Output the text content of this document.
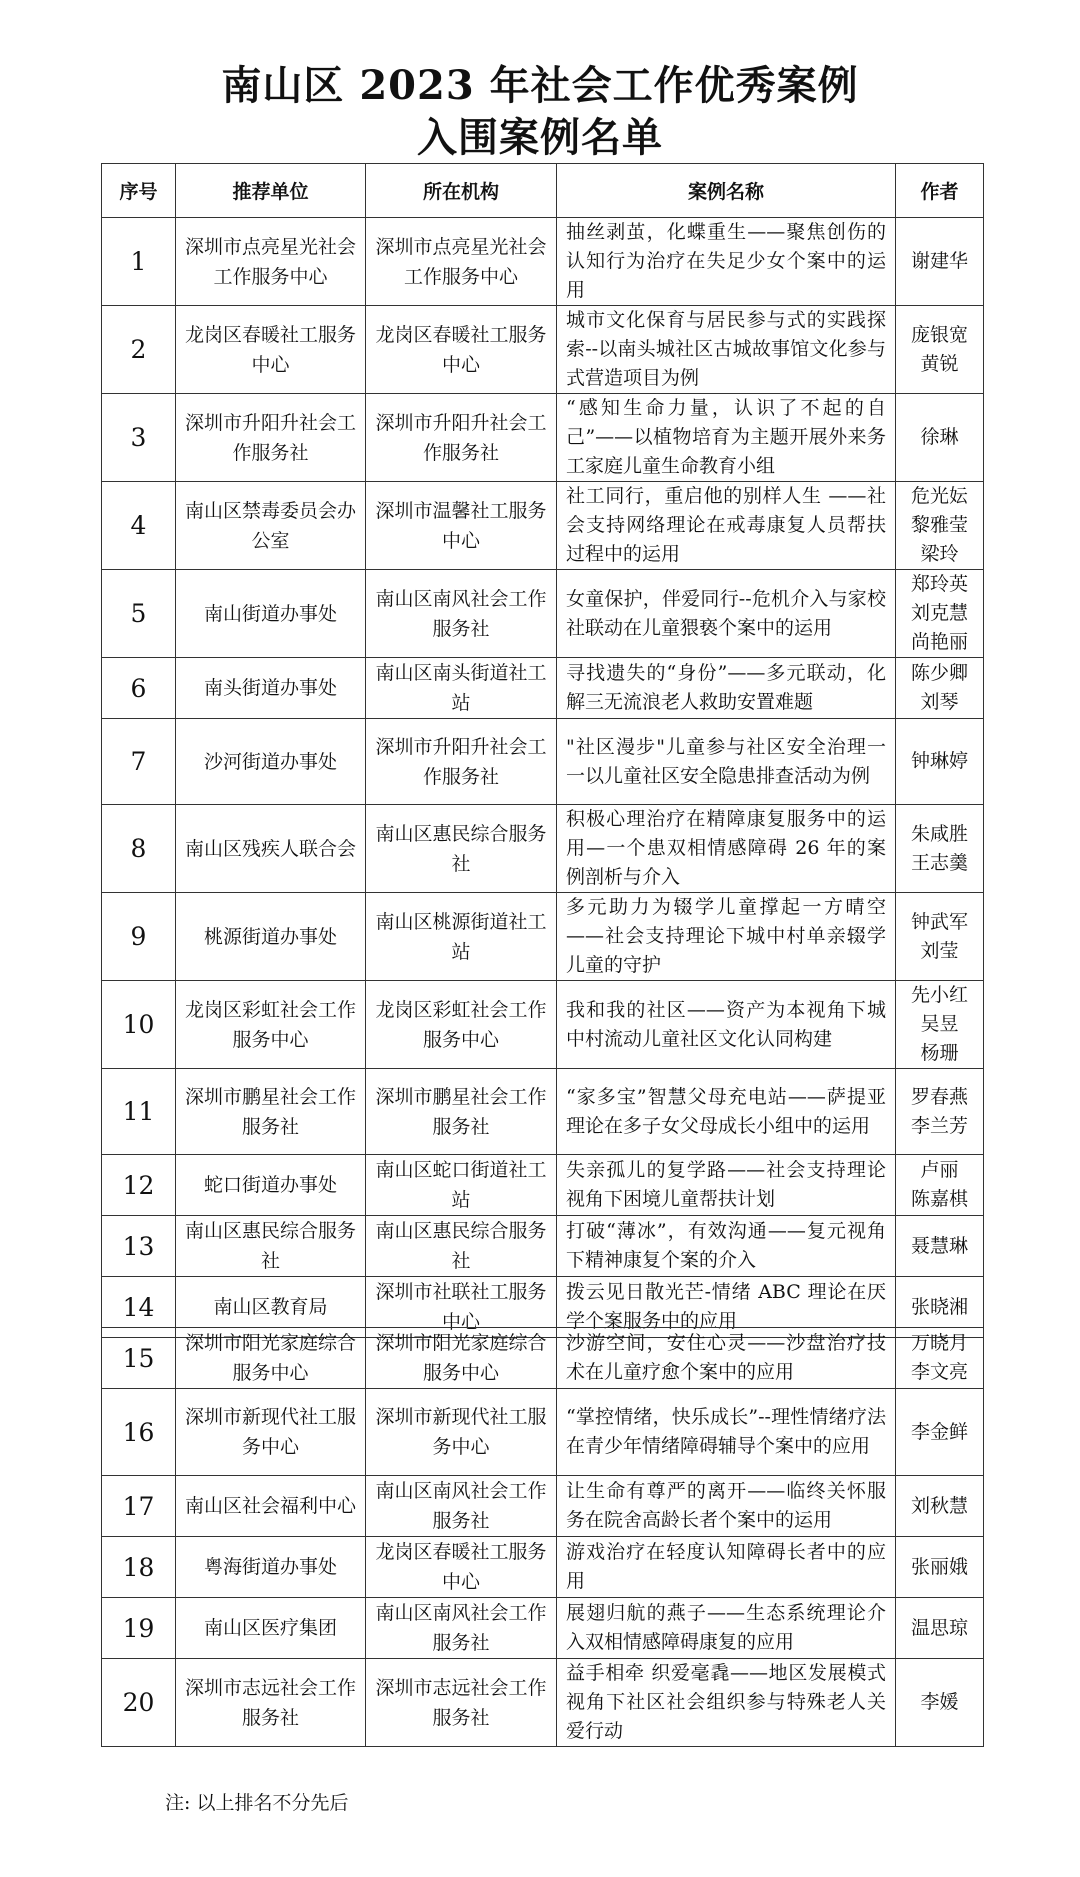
南山区 2023 年社会工作优秀案例
入围案例名单
序号	推荐单位	所在机构	案例名称	作者
1	深圳市点亮星光社会工作服务中心	深圳市点亮星光社会工作服务中心	抽丝剥茧，化蝶重生——聚焦创伤的认知行为治疗在失足少女个案中的运用	谢建华
2	龙岗区春暖社工服务中心	龙岗区春暖社工服务中心	城市文化保育与居民参与式的实践探索--以南头城社区古城故事馆文化参与式营造项目为例	庞银宽
黄锐
3	深圳市升阳升社会工作服务社	深圳市升阳升社会工作服务社	“感知生命力量，认识了不起的自己”——以植物培育为主题开展外来务工家庭儿童生命教育小组	徐琳
4	南山区禁毒委员会办公室	深圳市温馨社工服务中心	社工同行，重启他的别样人生 ——社会支持网络理论在戒毒康复人员帮扶过程中的运用	危光妘
黎雅莹
梁玲
5	南山街道办事处	南山区南风社会工作服务社	女童保护，伴爱同行--危机介入与家校社联动在儿童猥亵个案中的运用	郑玲英
刘克慧
尚艳丽
6	南头街道办事处	南山区南头街道社工站	寻找遗失的“身份”——多元联动，化解三无流浪老人救助安置难题	陈少卿
刘琴
7	沙河街道办事处	深圳市升阳升社会工作服务社	"社区漫步"儿童参与社区安全治理一一以儿童社区安全隐患排查活动为例	钟琳婷
8	南山区残疾人联合会	南山区惠民综合服务社	积极心理治疗在精障康复服务中的运用—一个患双相情感障碍 26 年的案例剖析与介入	朱咸胜
王志羹
9	桃源街道办事处	南山区桃源街道社工站	多元助力为辍学儿童撑起一方晴空——社会支持理论下城中村单亲辍学儿童的守护	钟武军
刘莹
10	龙岗区彩虹社会工作服务中心	龙岗区彩虹社会工作服务中心	我和我的社区——资产为本视角下城中村流动儿童社区文化认同构建	先小红
吴昱
杨珊
11	深圳市鹏星社会工作服务社	深圳市鹏星社会工作服务社	“家多宝”智慧父母充电站——萨提亚理论在多子女父母成长小组中的运用	罗春燕
李兰芳
12	蛇口街道办事处	南山区蛇口街道社工站	失亲孤儿的复学路——社会支持理论视角下困境儿童帮扶计划	卢丽
陈嘉棋
13	南山区惠民综合服务社	南山区惠民综合服务社	打破“薄冰”，有效沟通——复元视角下精神康复个案的介入	聂慧琳
14	南山区教育局	深圳市社联社工服务中心	拨云见日散光芒-情绪 ABC 理论在厌学个案服务中的应用	张晓湘
15	深圳市阳光家庭综合服务中心	深圳市阳光家庭综合服务中心	沙游空间，安住心灵——沙盘治疗技术在儿童疗愈个案中的应用	万晓月
李文亮
16	深圳市新现代社工服务中心	深圳市新现代社工服务中心	“掌控情绪，快乐成长”--理性情绪疗法在青少年情绪障碍辅导个案中的应用	李金鲜
17	南山区社会福利中心	南山区南风社会工作服务社	让生命有尊严的离开——临终关怀服务在院舍高龄长者个案中的运用	刘秋慧
18	粤海街道办事处	龙岗区春暖社工服务中心	游戏治疗在轻度认知障碍长者中的应用	张丽娥
19	南山区医疗集团	南山区南风社会工作服务社	展翅归航的燕子——生态系统理论介入双相情感障碍康复的应用	温思琼
20	深圳市志远社会工作服务社	深圳市志远社会工作服务社	益手相牵 织爱毫毳——地区发展模式视角下社区社会组织参与特殊老人关爱行动	李媛
注: 以上排名不分先后
